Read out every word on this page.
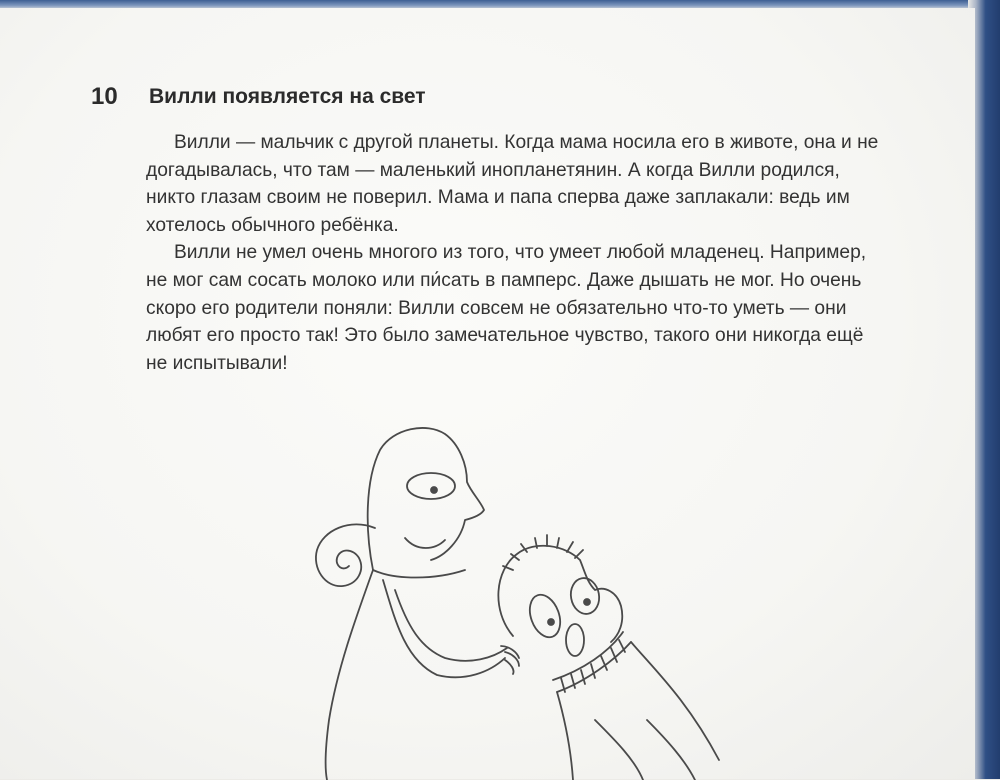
10 Вилли появляется на свет

Вилли — мальчик с другой планеты. Когда мама носила его в животе, она и не догадывалась, что там — маленький инопланетянин. А когда Вилли родился, никто глазам своим не поверил. Мама и папа сперва даже заплакали: ведь им хотелось обычного ребёнка.

Вилли не умел очень многого из того, что умеет любой младенец. Например, не мог сам сосать молоко или пи́сать в памперс. Даже дышать не мог. Но очень скоро его родители поняли: Вилли совсем не обязательно что-то уметь — они любят его просто так! Это было замечательное чувство, такого они никогда ещё не испытывали!
